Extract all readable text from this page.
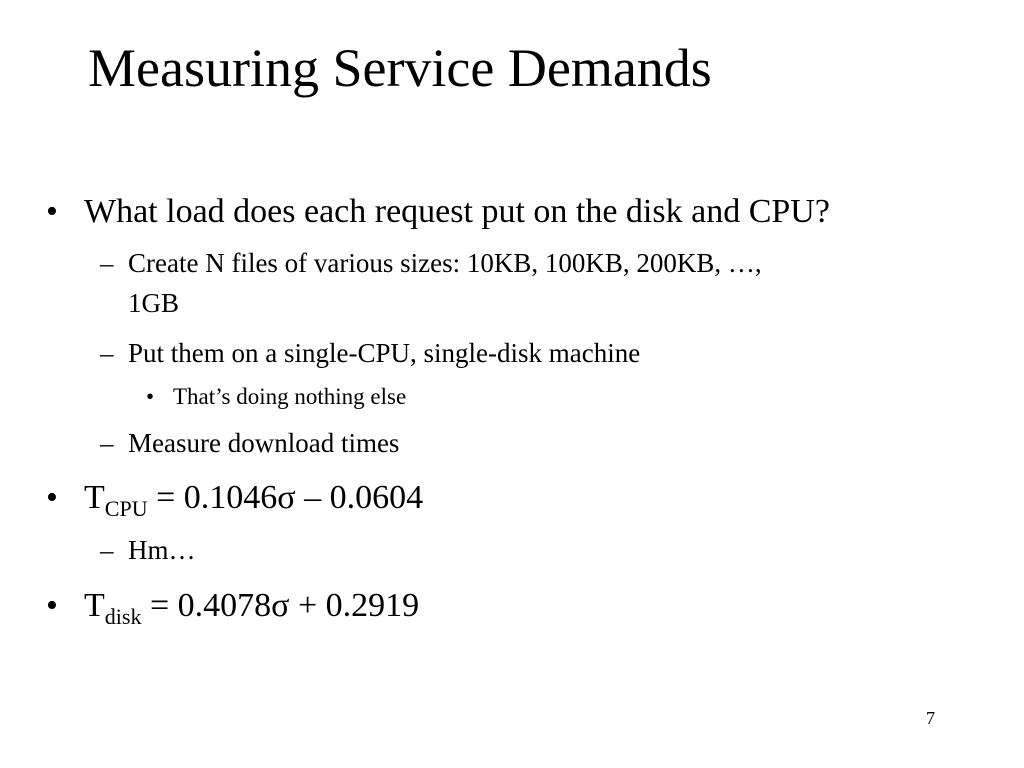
Measuring Service Demands
• What load does each request put on the disk and CPU?
– Create N files of various sizes: 10KB, 100KB, 200KB, …,
1GB
– Put them on a single-CPU, single-disk machine
• That’s doing nothing else
– Measure download times
• $T_{CPU} = 0.1046\sigma - 0.0604$
– Hm…
• $T_{disk} = 0.4078\sigma + 0.2919$
7
